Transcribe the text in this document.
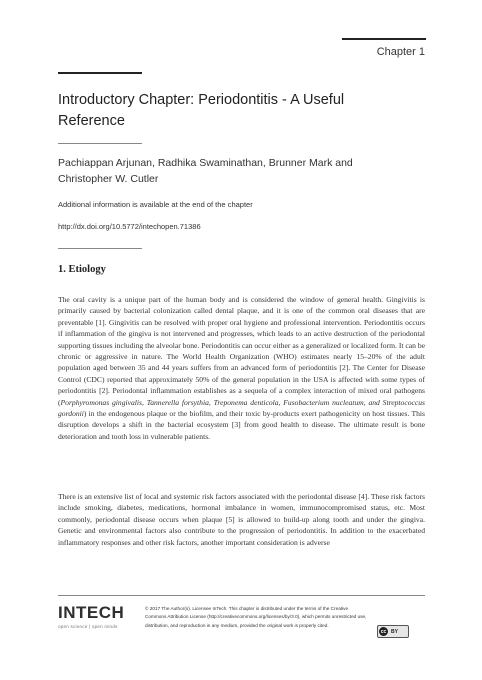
Chapter 1
Introductory Chapter: Periodontitis - A Useful Reference
Pachiappan Arjunan, Radhika Swaminathan, Brunner Mark and Christopher W. Cutler
Additional information is available at the end of the chapter
http://dx.doi.org/10.5772/intechopen.71386
1. Etiology

The oral cavity is a unique part of the human body and is considered the window of general health. Gingivitis is primarily caused by bacterial colonization called dental plaque, and it is one of the common oral diseases that are preventable [1]. Gingivitis can be resolved with proper oral hygiene and professional intervention. Periodontitis occurs if inflammation of the gingiva is not intervened and progresses, which leads to an active destruction of the periodontal supporting tissues including the alveolar bone. Periodontitis can occur either as a generalized or localized form. It can be chronic or aggressive in nature. The World Health Organization (WHO) estimates nearly 15–20% of the adult population aged between 35 and 44 years suffers from an advanced form of periodontitis [2]. The Center for Disease Control (CDC) reported that approximately 50% of the general population in the USA is affected with some types of periodontitis [2]. Periodontal inflammation establishes as a sequela of a complex interaction of mixed oral pathogens (Porphyromonas gingivalis, Tannerella forsythia, Treponema denticola, Fusobacterium nucleatum, and Streptococcus gordonii) in the endogenous plaque or the biofilm, and their toxic by-products exert pathogenicity on host tissues. This disruption develops a shift in the bacterial ecosystem [3] from good health to disease. The ultimate result is bone deterioration and tooth loss in vulnerable patients.

There is an extensive list of local and systemic risk factors associated with the periodontal disease [4]. These risk factors include smoking, diabetes, medications, hormonal imbalance in women, immunocompromised status, etc. Most commonly, periodontal disease occurs when plaque [5] is allowed to build-up along tooth and under the gingiva. Genetic and environmental factors also contribute to the progression of periodontitis. In addition to the exacerbated inflammatory responses and other risk factors, another important consideration is adverse

INTECH
open science | open minds
© 2017 The Author(s). Licensee InTech. This chapter is distributed under the terms of the Creative Commons Attribution License (http://creativecommons.org/licenses/by/3.0), which permits unrestricted use, distribution, and reproduction in any medium, provided the original work is properly cited.
cc BY
